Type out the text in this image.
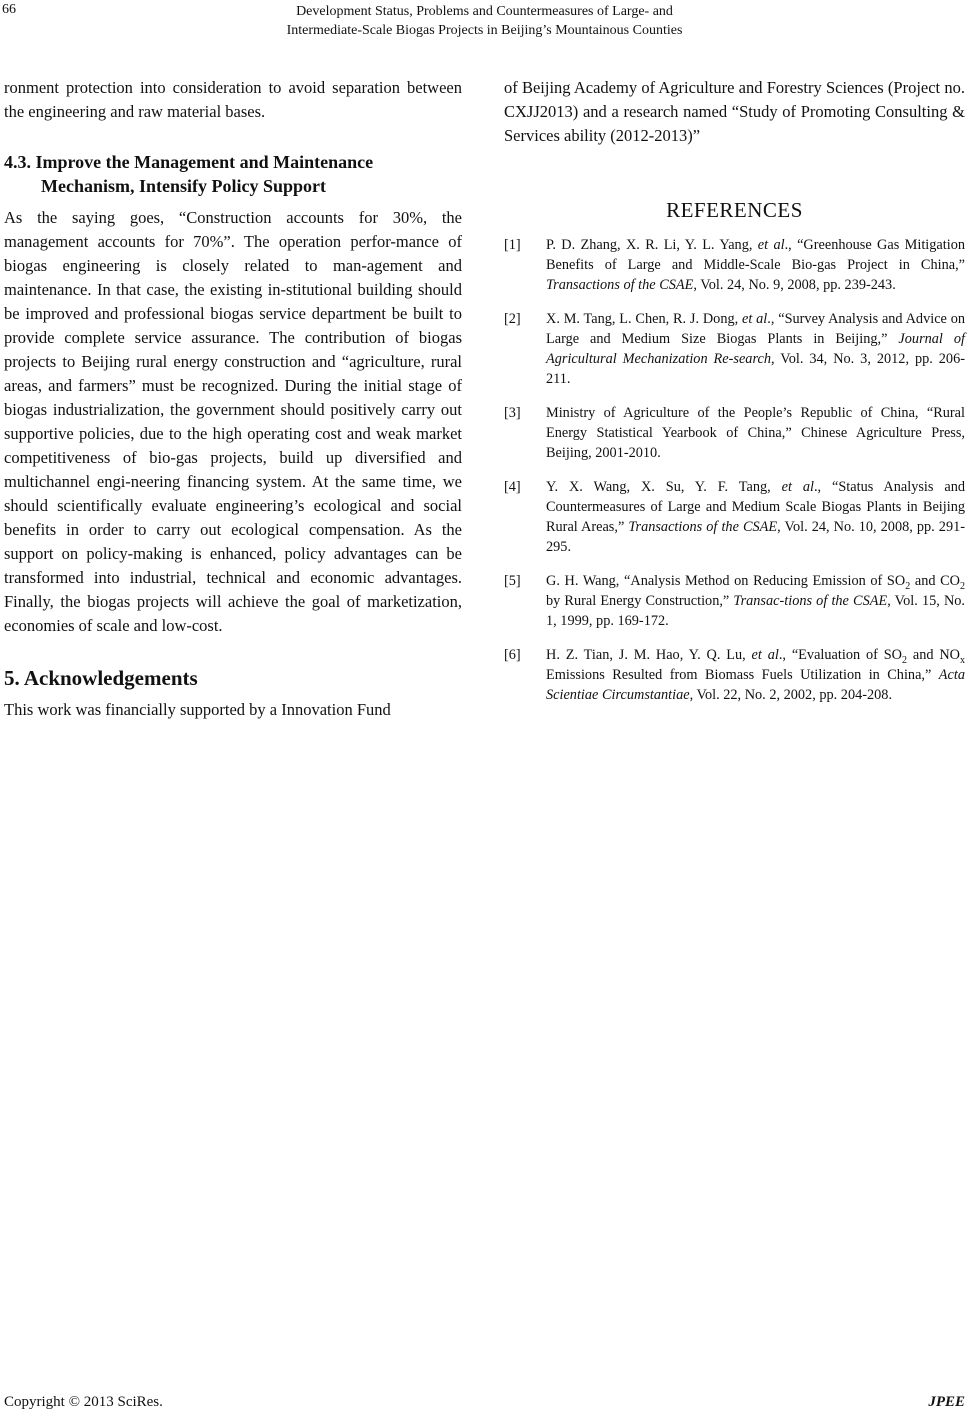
66	Development Status, Problems and Countermeasures of Large- and
Intermediate-Scale Biogas Projects in Beijing’s Mountainous Counties

ronment protection into consideration to avoid separation between the engineering and raw material bases.

4.3. Improve the Management and Maintenance
Mechanism, Intensify Policy Support

As the saying goes, “Construction accounts for 30%, the management accounts for 70%”. The operation perfor-mance of biogas engineering is closely related to man-agement and maintenance. In that case, the existing in-stitutional building should be improved and professional biogas service department be built to provide complete service assurance. The contribution of biogas projects to Beijing rural energy construction and “agriculture, rural areas, and farmers” must be recognized. During the initial stage of biogas industrialization, the government should positively carry out supportive policies, due to the high operating cost and weak market competitiveness of bio-gas projects, build up diversified and multichannel engi-neering financing system. At the same time, we should scientifically evaluate engineering’s ecological and social benefits in order to carry out ecological compensation. As the support on policy-making is enhanced, policy advantages can be transformed into industrial, technical and economic advantages. Finally, the biogas projects will achieve the goal of marketization, economies of scale and low-cost.

5. Acknowledgements

This work was financially supported by a Innovation Fund

of Beijing Academy of Agriculture and Forestry Sciences (Project no. CXJJ2013) and a research named “Study of Promoting Consulting & Services ability (2012-2013)”

REFERENCES
[1] P. D. Zhang, X. R. Li, Y. L. Yang, et al., “Greenhouse Gas Mitigation Benefits of Large and Middle-Scale Bio-gas Project in China,” Transactions of the CSAE, Vol. 24, No. 9, 2008, pp. 239-243.
[2] X. M. Tang, L. Chen, R. J. Dong, et al., “Survey Analysis and Advice on Large and Medium Size Biogas Plants in Beijing,” Journal of Agricultural Mechanization Re-search, Vol. 34, No. 3, 2012, pp. 206-211.
[3] Ministry of Agriculture of the People’s Republic of China, “Rural Energy Statistical Yearbook of China,” Chinese Agriculture Press, Beijing, 2001-2010.
[4] Y. X. Wang, X. Su, Y. F. Tang, et al., “Status Analysis and Countermeasures of Large and Medium Scale Biogas Plants in Beijing Rural Areas,” Transactions of the CSAE, Vol. 24, No. 10, 2008, pp. 291-295.
[5] G. H. Wang, “Analysis Method on Reducing Emission of $SO_2$ and $CO_2$ by Rural Energy Construction,” Transac-tions of the CSAE, Vol. 15, No. 1, 1999, pp. 169-172.
[6] H. Z. Tian, J. M. Hao, Y. Q. Lu, et al., “Evaluation of $SO_2$ and $NO_x$ Emissions Resulted from Biomass Fuels Utilization in China,” Acta Scientiae Circumstantiae, Vol. 22, No. 2, 2002, pp. 204-208.
Copyright © 2013 SciRes.	JPEE
